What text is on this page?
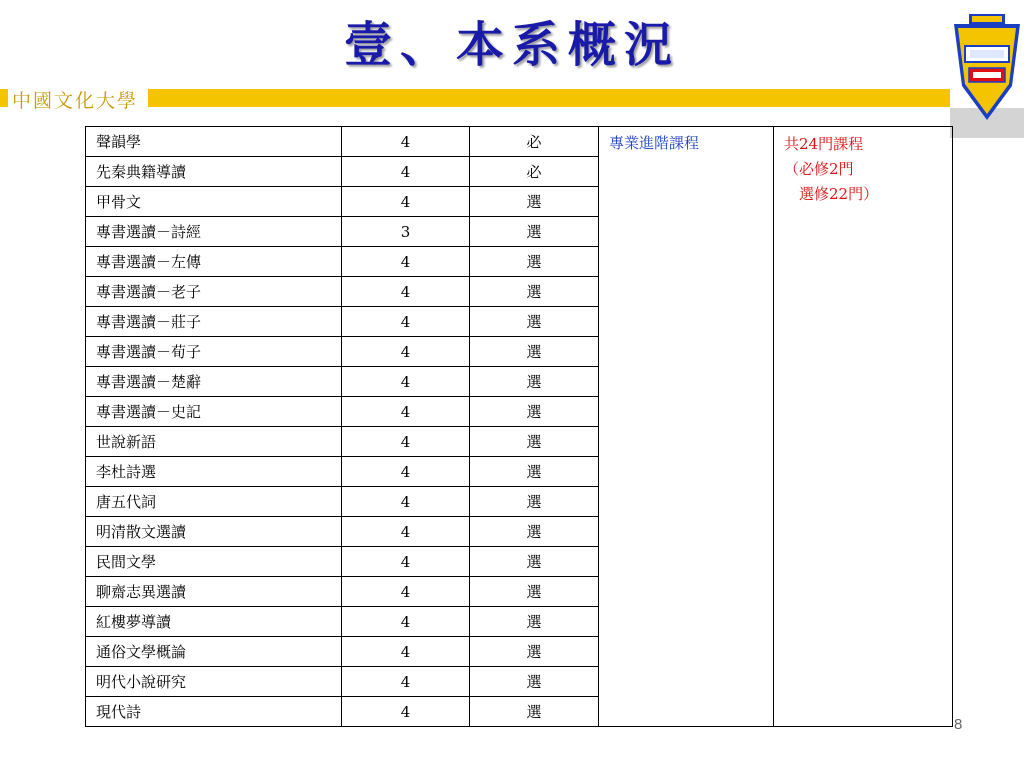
壹、本系概況
中國文化大學
聲韻學	4	必	專業進階課程	共24門課程
（必修2門
　選修22門）

先秦典籍導讀	4	必		
甲骨文	4	選		
專書選讀－詩經	3	選		
專書選讀－左傳	4	選		
專書選讀－老子	4	選		
專書選讀－莊子	4	選		
專書選讀－荀子	4	選		
專書選讀－楚辭	4	選		
專書選讀－史記	4	選		
世說新語	4	選		
李杜詩選	4	選		
唐五代詞	4	選		
明清散文選讀	4	選		
民間文學	4	選		
聊齋志異選讀	4	選		
紅樓夢導讀	4	選		
通俗文學概論	4	選		
明代小說研究	4	選		
現代詩	4	選		
8
